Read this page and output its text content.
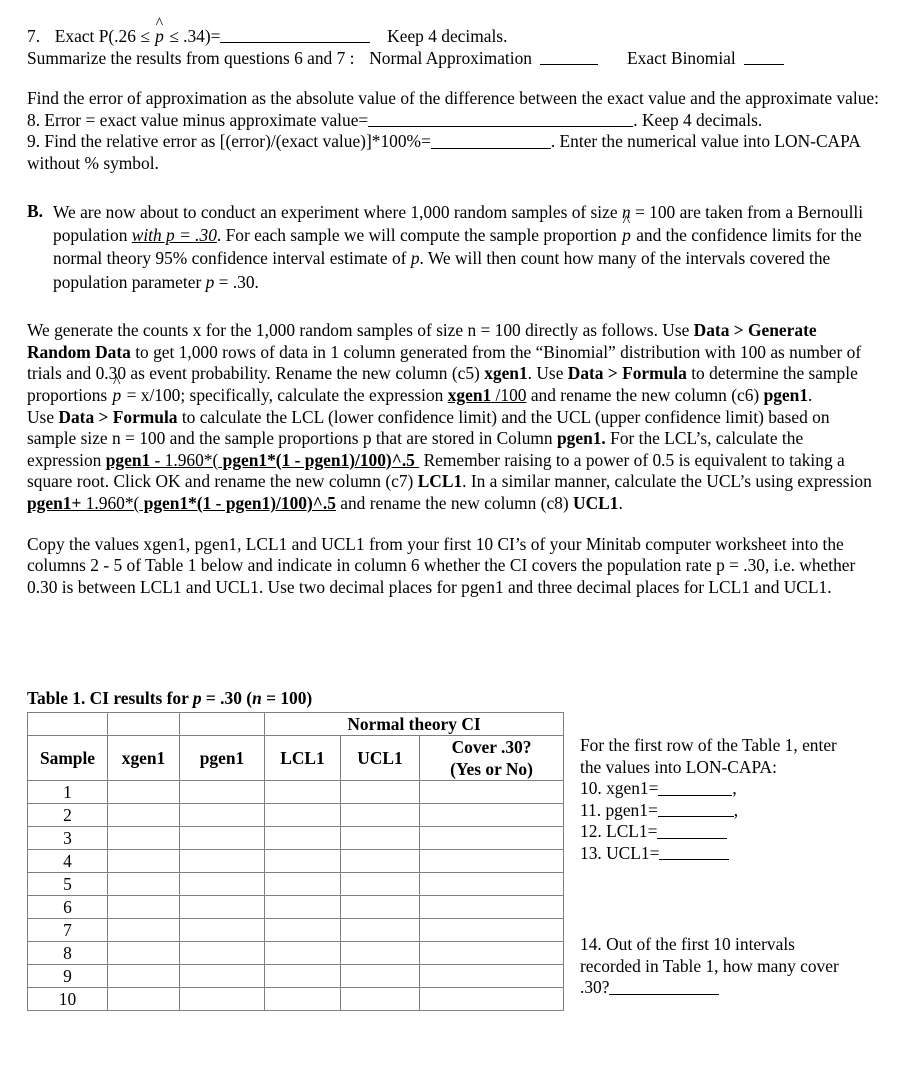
7. Exact P(.26 ≤ ^ p ≤ .34)=	Keep 4 decimals.

Summarize the results from questions 6 and 7 : Normal Approximation	Exact Binomial

Find the error of approximation as the absolute value of the difference between the exact value and the approximate value:

8. Error = exact value minus approximate value=	. Keep 4 decimals.

9. Find the relative error as [(error)/(exact value)]*100%=	. Enter the numerical value into LON-CAPA without % symbol.

B. We are now about to conduct an experiment where 1,000 random samples of size n = 100 are taken from a Bernoulli population with p = .30. For each sample we will compute the sample proportion ^ p and the confidence limits for the normal theory 95% confidence interval estimate of p. We will then count how many of the intervals covered the population parameter p = .30.

We generate the counts x for the 1,000 random samples of size n = 100 directly as follows. Use Data > Generate Random Data to get 1,000 rows of data in 1 column generated from the “Binomial” distribution with 100 as number of trials and 0.30 as event probability. Rename the new column (c5) xgen1. Use Data > Formula to determine the sample proportions ^ p = x/100; specifically, calculate the expression xgen1 /100 and rename the new column (c6) pgen1.

Use Data > Formula to calculate the LCL (lower confidence limit) and the UCL (upper confidence limit) based on sample size n = 100 and the sample proportions p that are stored in Column pgen1. For the LCL’s, calculate the expression pgen1 - 1.960*( pgen1*(1 - pgen1)/100)^.5  Remember raising to a power of 0.5 is equivalent to taking a square root. Click OK and rename the new column (c7) LCL1. In a similar manner, calculate the UCL’s using expression pgen1+ 1.960*( pgen1*(1 - pgen1)/100)^.5 and rename the new column (c8) UCL1.

Copy the values xgen1, pgen1, LCL1 and UCL1 from your first 10 CI’s of your Minitab computer worksheet into the columns 2 - 5 of Table 1 below and indicate in column 6 whether the CI covers the population rate p = .30, i.e. whether 0.30 is between LCL1 and UCL1. Use two decimal places for pgen1 and three decimal places for LCL1 and UCL1.

Table 1. CI results for p = .30 (n = 100)
			Normal theory CI		
Sample	xgen1	pgen1	LCL1	UCL1	Cover .30?
(Yes or No)

1					
2					
3					
4					
5					
6					
7					
8					
9					
10					

For the first row of the Table 1, enter

the values into LON-CAPA:

10. xgen1=	,

11. pgen1=	,

12. LCL1=

13. UCL1=

14. Out of the first 10 intervals

recorded in Table 1, how many cover

.30?
